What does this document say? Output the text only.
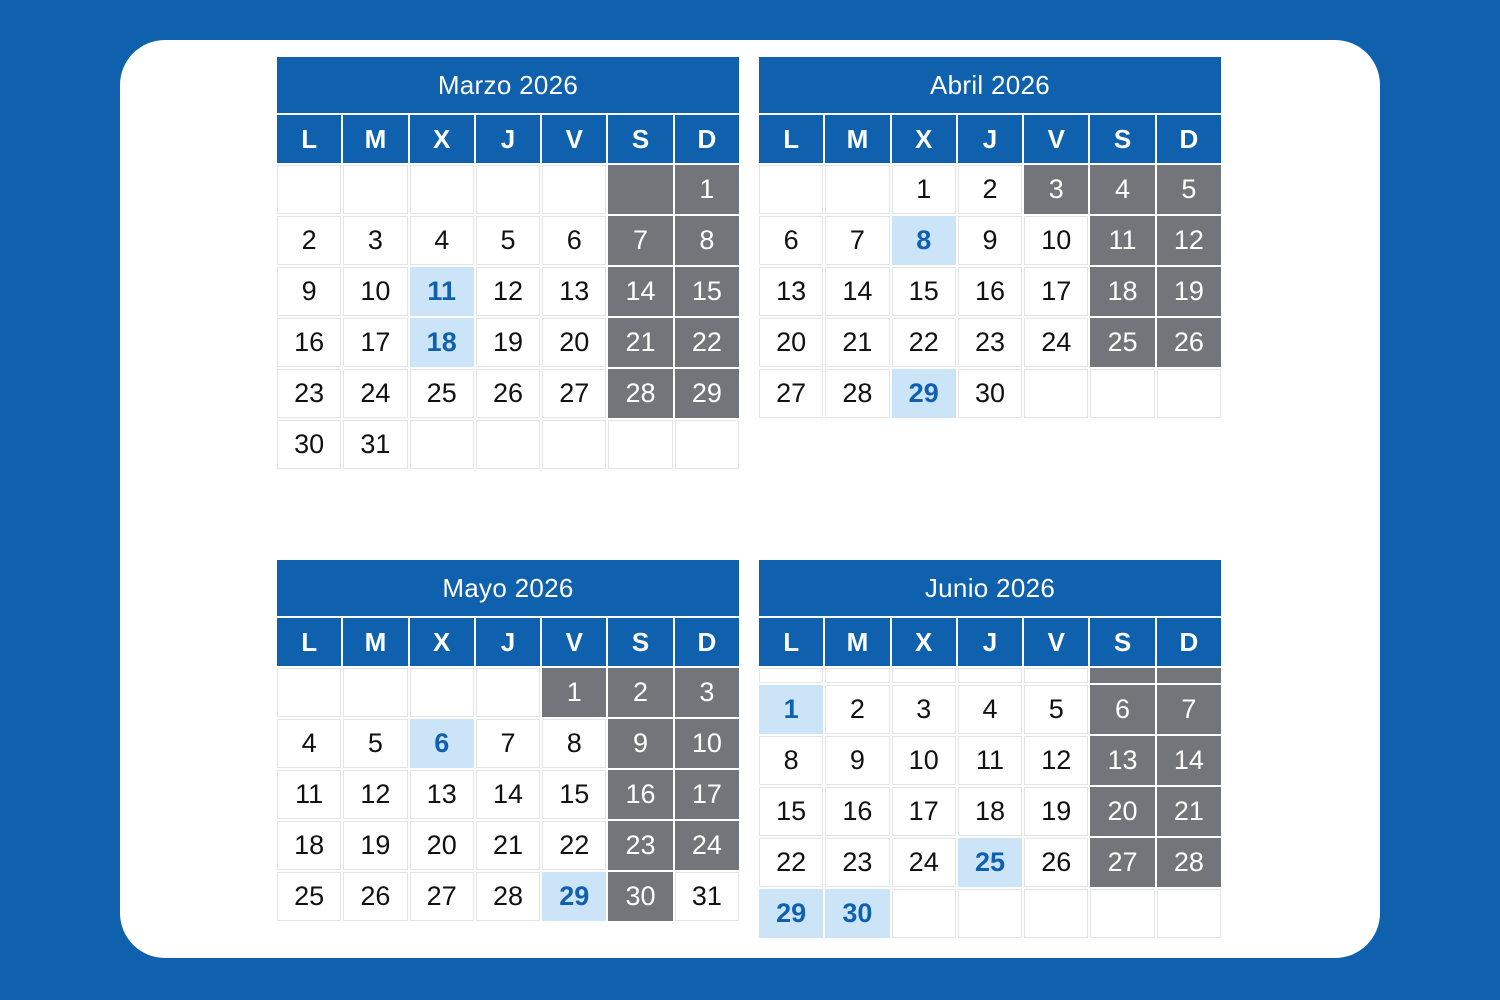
Marzo 2026						
L	M	X	J	V	S	D
						1
2	3	4	5	6	7	8
9	10	11	12	13	14	15
16	17	18	19	20	21	22
23	24	25	26	27	28	29
30	31					
Abril 2026						
L	M	X	J	V	S	D
		1	2	3	4	5
6	7	8	9	10	11	12
13	14	15	16	17	18	19
20	21	22	23	24	25	26
27	28	29	30			
Mayo 2026						
L	M	X	J	V	S	D
				1	2	3
4	5	6	7	8	9	10
11	12	13	14	15	16	17
18	19	20	21	22	23	24
25	26	27	28	29	30	31
Junio 2026						
L	M	X	J	V	S	D

1	2	3	4	5	6	7
8	9	10	11	12	13	14
15	16	17	18	19	20	21
22	23	24	25	26	27	28
29	30					
